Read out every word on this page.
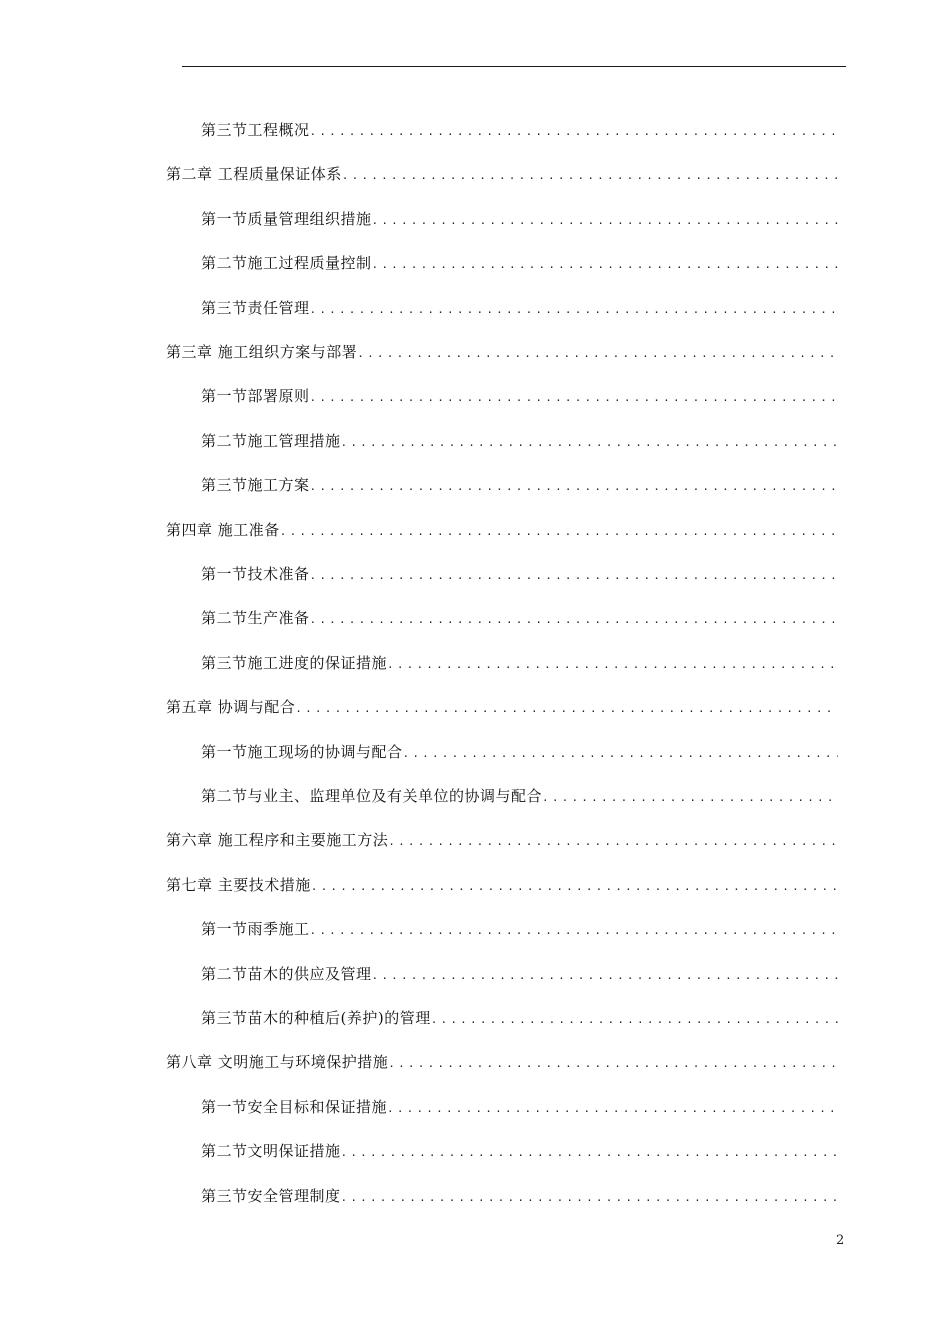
第三节工程概况
.....
第二章 工程质量保证体系
.....
第一节质量管理组织措施
.....
第二节施工过程质量控制
.....
第三节责任管理
.....
第三章 施工组织方案与部署
.....
第一节部署原则
.....
第二节施工管理措施
.....
第三节施工方案
.....
第四章 施工准备
.....
第一节技术准备
.....
第二节生产准备
.....
第三节施工进度的保证措施
.....
第五章 协调与配合
.....
第一节施工现场的协调与配合
.....
第二节与业主、监理单位及有关单位的协调与配合
.....
第六章 施工程序和主要施工方法
.....
第七章 主要技术措施
.....
第一节雨季施工
.....
第二节苗木的供应及管理
.....
第三节苗木的种植后(养护)的管理
.....
第八章 文明施工与环境保护措施
.....
第一节安全目标和保证措施
.....
第二节文明保证措施
.....
第三节安全管理制度
.....
2
